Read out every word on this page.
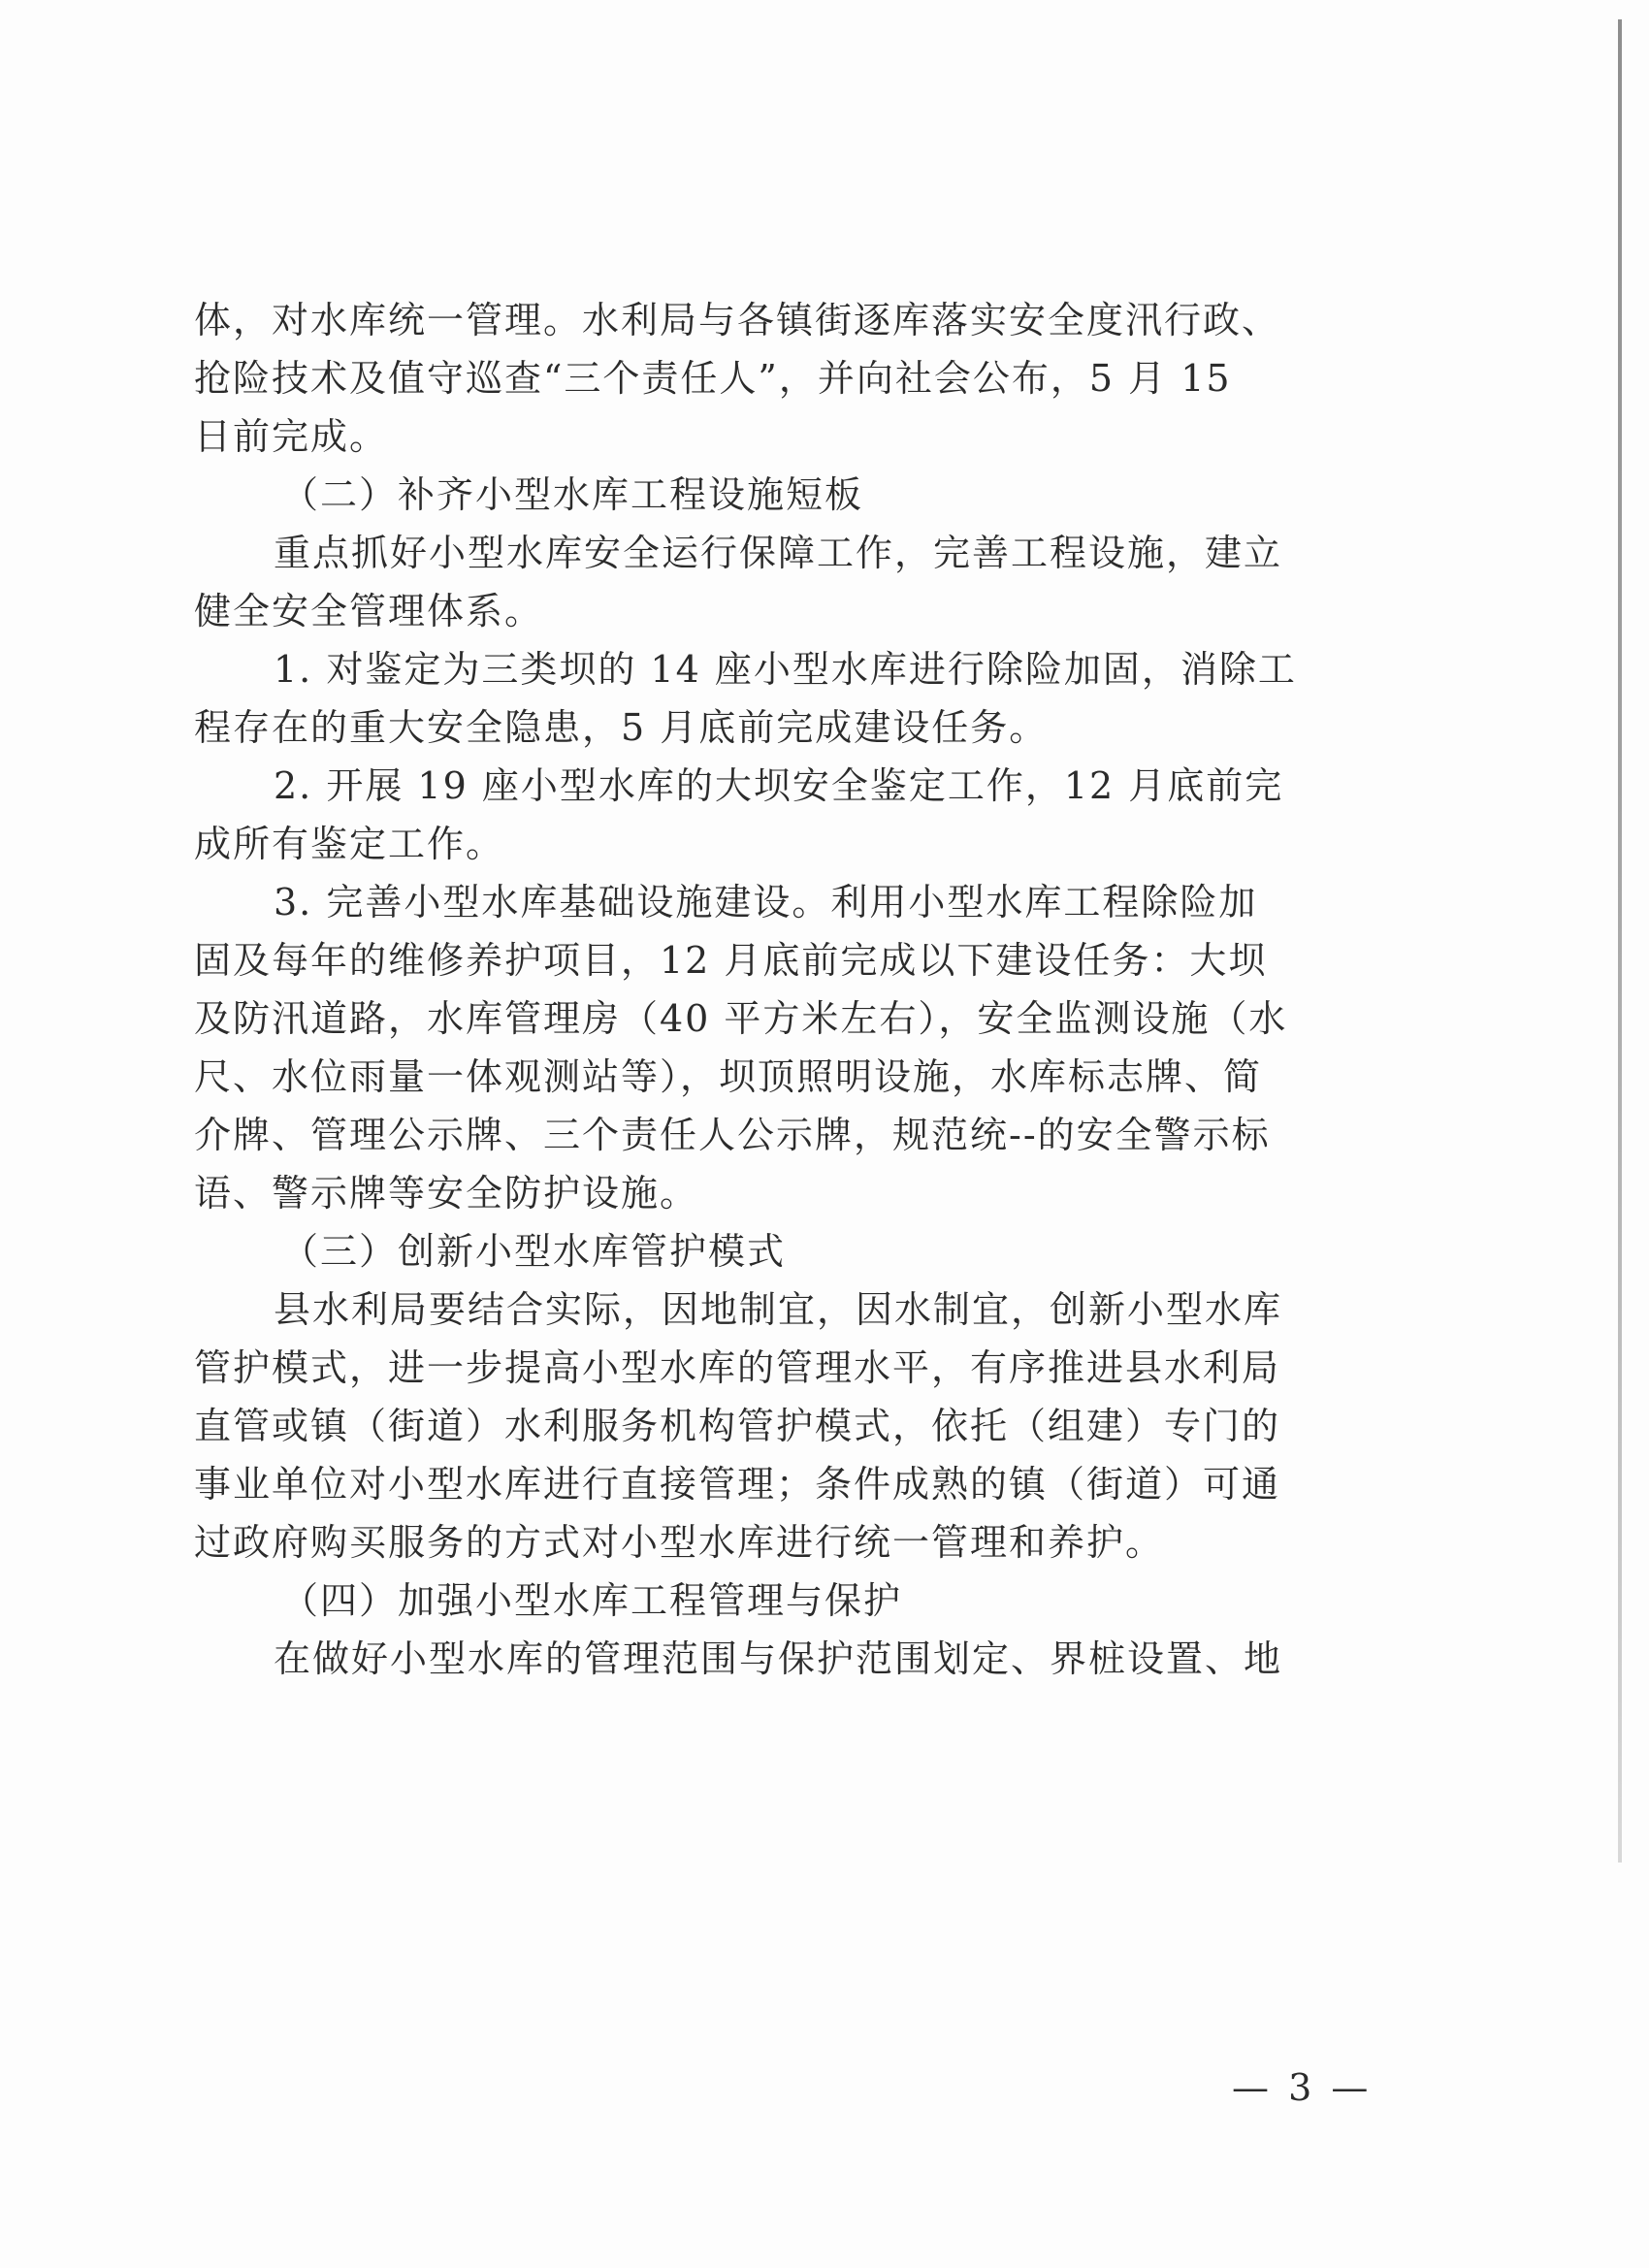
体，对水库统一管理。水利局与各镇街逐库落实安全度汛行政、

抢险技术及值守巡查“三个责任人”，并向社会公布，5 月 15

日前完成。

（二）补齐小型水库工程设施短板

重点抓好小型水库安全运行保障工作，完善工程设施，建立

健全安全管理体系。

1. 对鉴定为三类坝的 14 座小型水库进行除险加固，消除工

程存在的重大安全隐患，5 月底前完成建设任务。

2. 开展 19 座小型水库的大坝安全鉴定工作，12 月底前完

成所有鉴定工作。

3. 完善小型水库基础设施建设。利用小型水库工程除险加

固及每年的维修养护项目，12 月底前完成以下建设任务：大坝

及防汛道路，水库管理房（40 平方米左右），安全监测设施（水

尺、水位雨量一体观测站等），坝顶照明设施，水库标志牌、简

介牌、管理公示牌、三个责任人公示牌，规范统--的安全警示标

语、警示牌等安全防护设施。

（三）创新小型水库管护模式

县水利局要结合实际，因地制宜，因水制宜，创新小型水库

管护模式，进一步提高小型水库的管理水平，有序推进县水利局

直管或镇（街道）水利服务机构管护模式，依托（组建）专门的

事业单位对小型水库进行直接管理；条件成熟的镇（街道）可通

过政府购买服务的方式对小型水库进行统一管理和养护。

（四）加强小型水库工程管理与保护

在做好小型水库的管理范围与保护范围划定、界桩设置、地

— 3 —
